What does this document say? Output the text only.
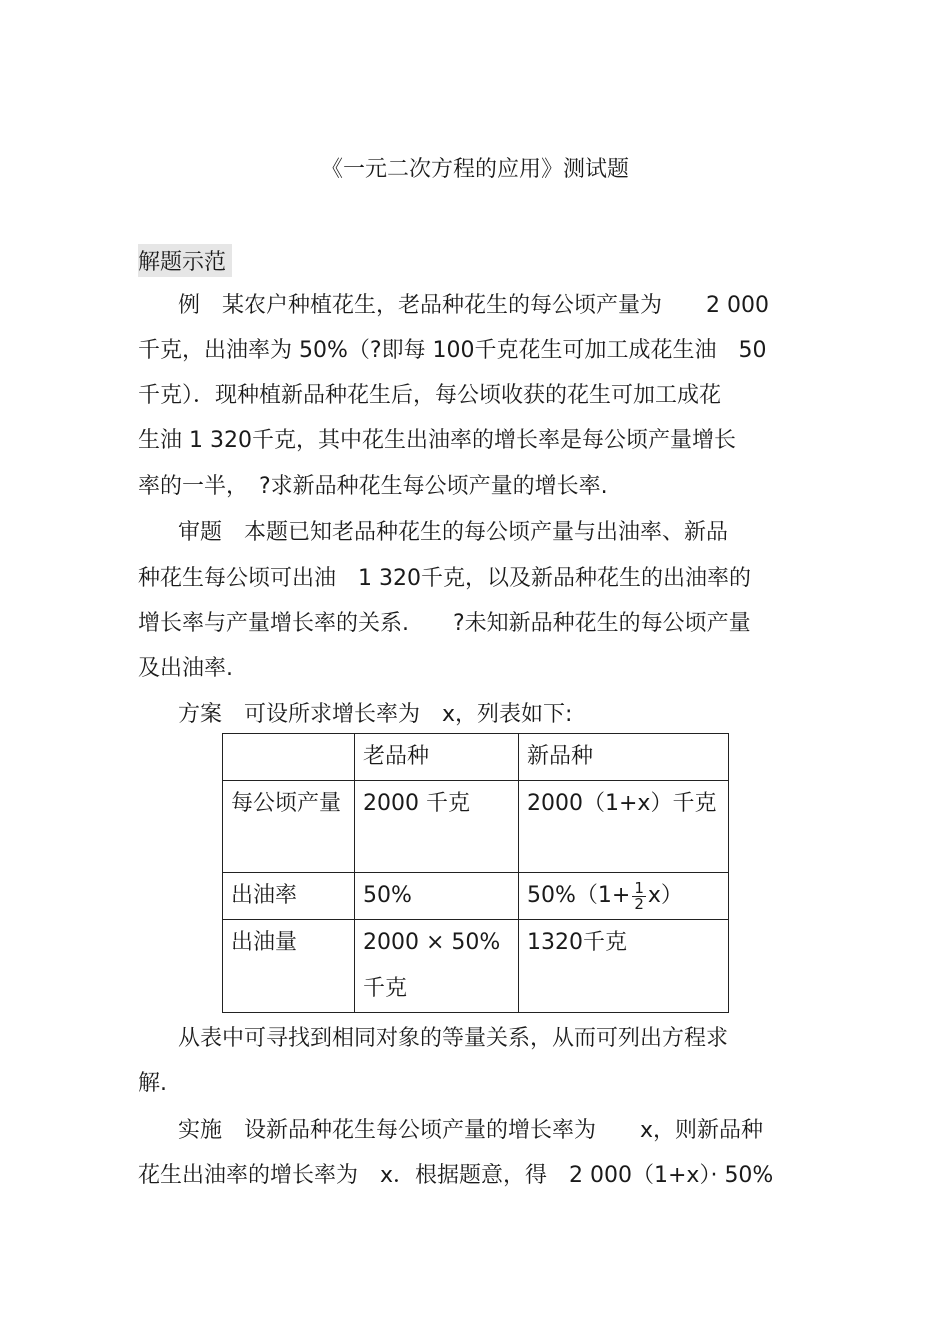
《一元二次方程的应用》测试题
解题示范
例　某农户种植花生，老品种花生的每公顷产量为　　2 000
千克，出油率为 50%（?即每 100千克花生可加工成花生油　50
千克）．现种植新品种花生后，每公顷收获的花生可加工成花
生油 1 320千克，其中花生出油率的增长率是每公顷产量增长
率的一半，　?求新品种花生每公顷产量的增长率.
审题　本题已知老品种花生的每公顷产量与出油率、新品
种花生每公顷可出油　1 320千克，以及新品种花生的出油率的
增长率与产量增长率的关系.　　?未知新品种花生的每公顷产量
及出油率.
方案　可设所求增长率为　x，列表如下:
	老品种	新品种
每公顷产量	2000 千克	2000（1+x）千克
出油率	50%	$50\%(1+ \frac{1}{2} x)$
出油量	2000 × 50% 千克	1320千克
从表中可寻找到相同对象的等量关系，从而可列出方程求
解.
实施　设新品种花生每公顷产量的增长率为　　x，则新品种
花生出油率的增长率为　x．根据题意，得　2 000（1+x）· 50%
